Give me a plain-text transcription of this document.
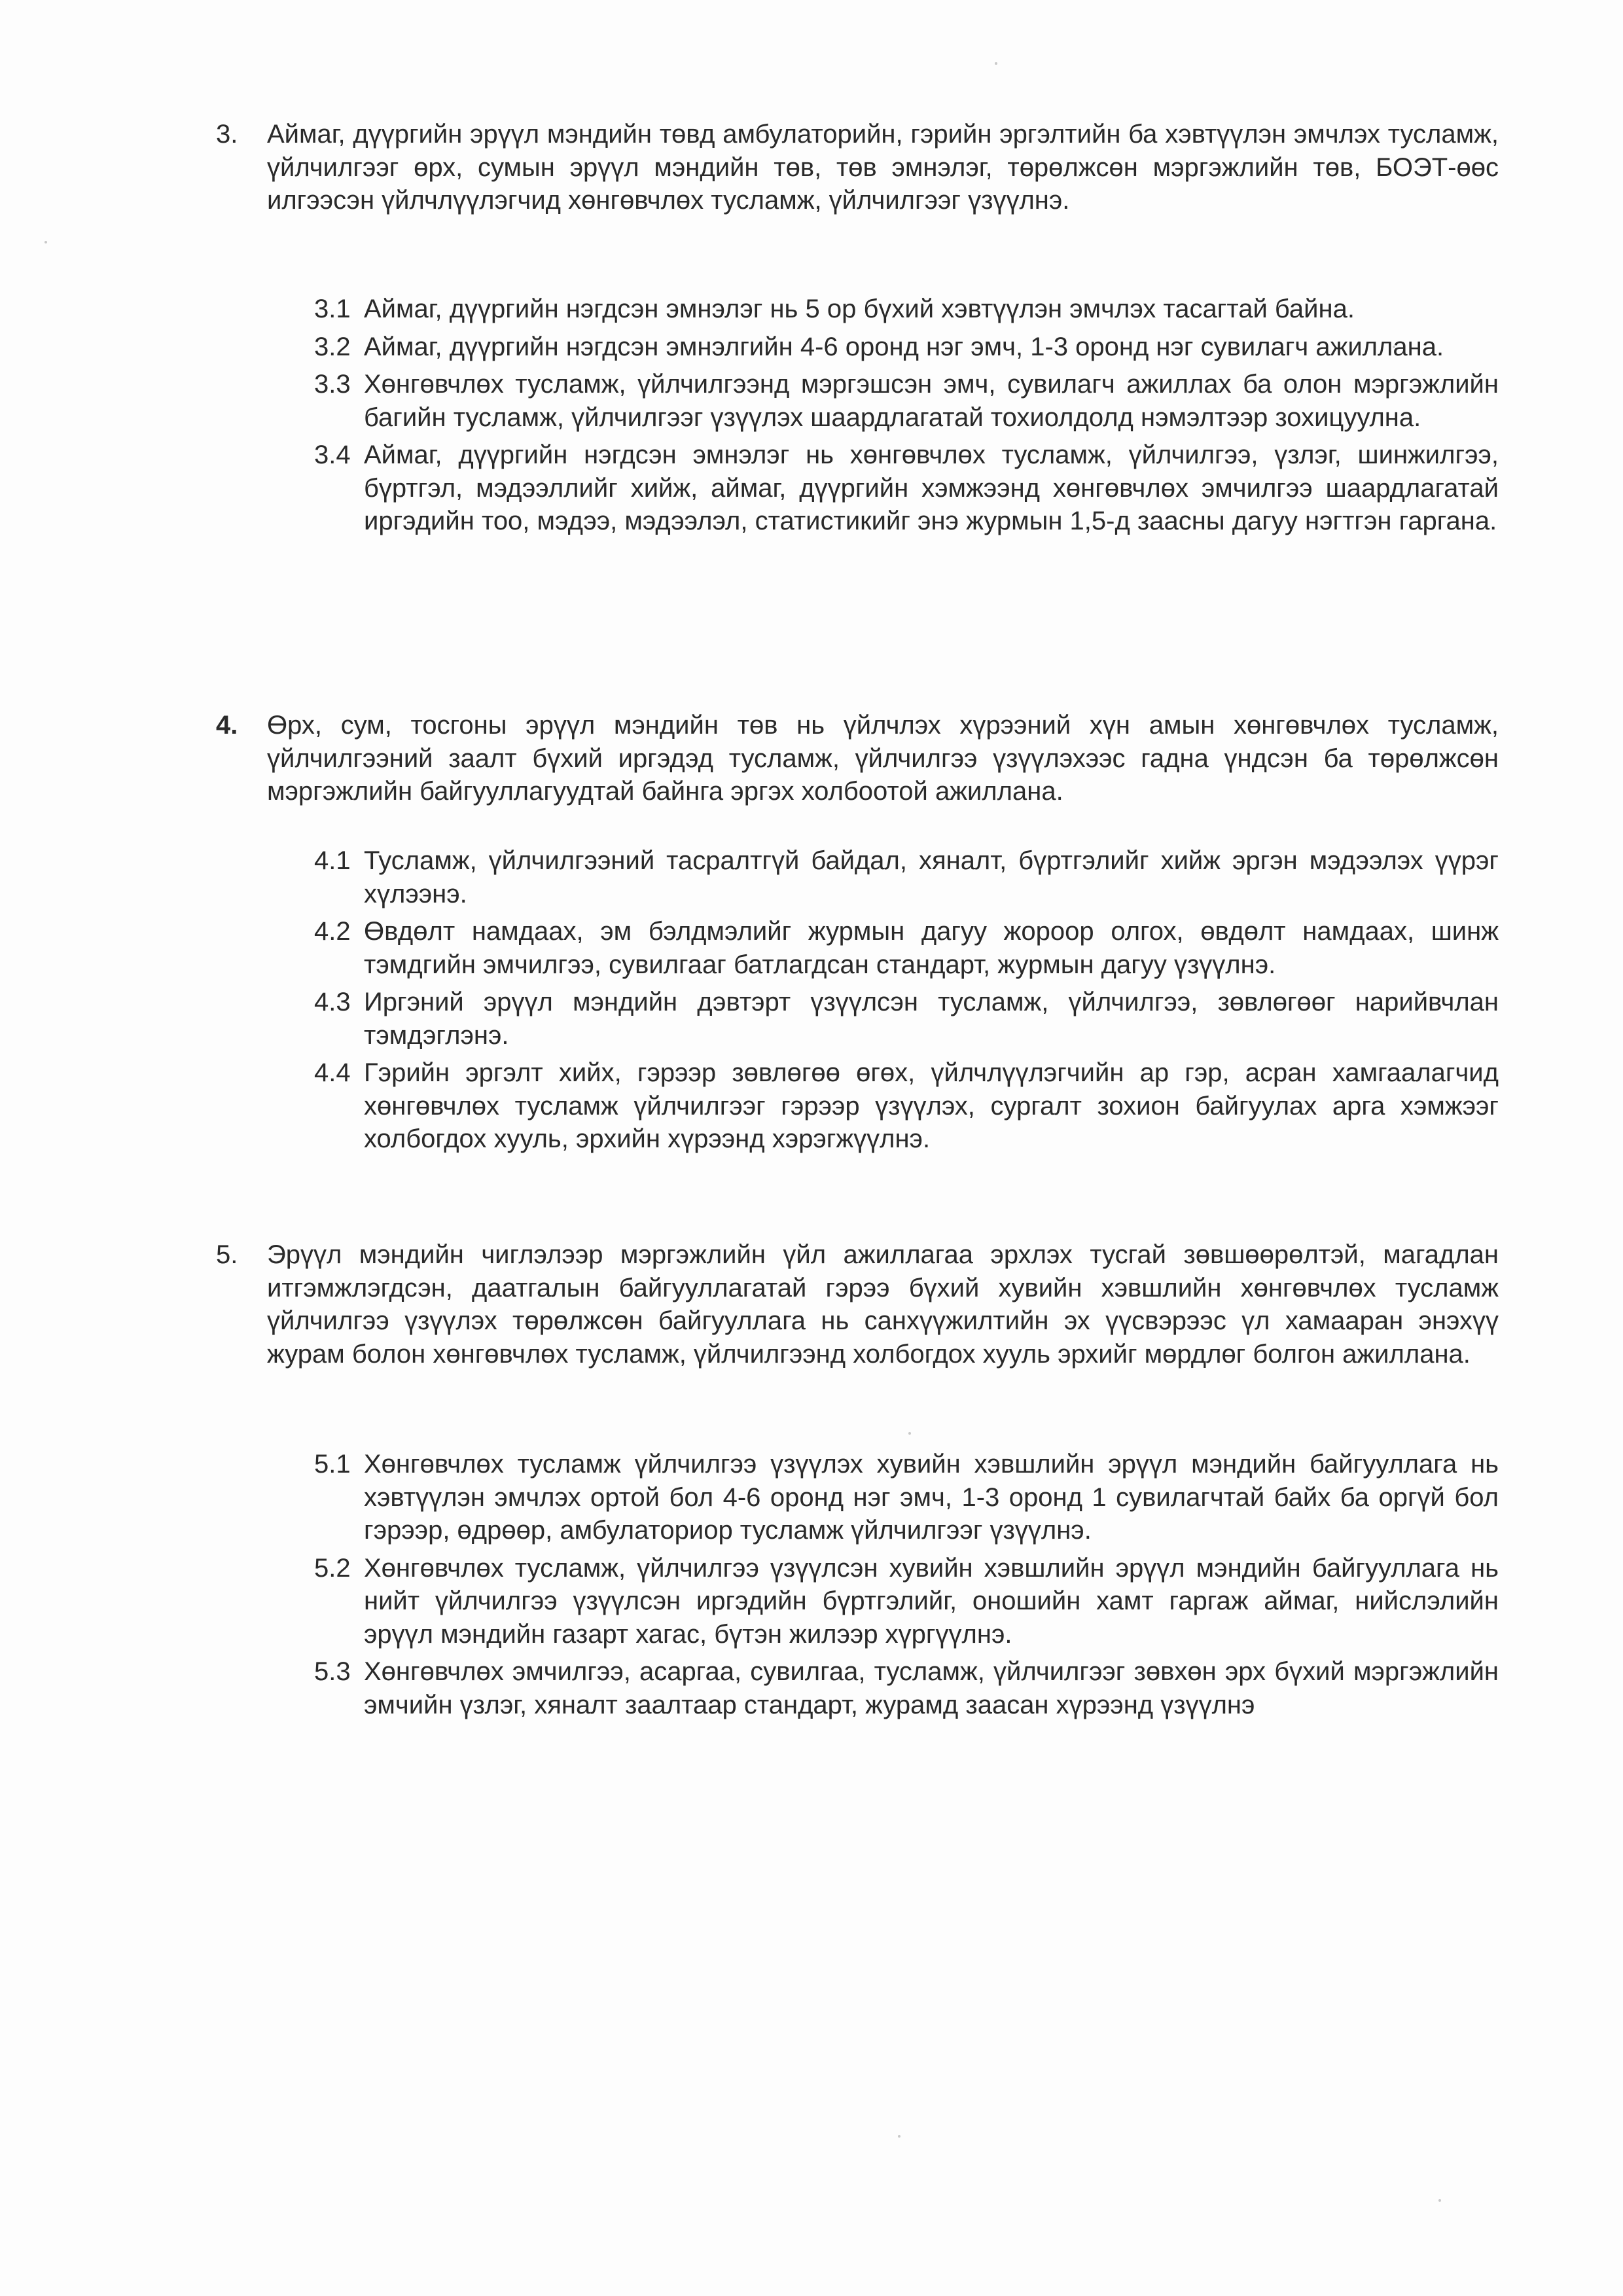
3.	Аймаг, дүүргийн эрүүл мэндийн төвд амбулаторийн, гэрийн эргэлтийн ба хэвтүүлэн эмчлэх тусламж, үйлчилгээг өрх, сумын эрүүл мэндийн төв, төв эмнэлэг, төрөлжсөн мэргэжлийн төв, БОЭТ-өөс илгээсэн үйлчлүүлэгчид хөнгөвчлөх тусламж, үйлчилгээг үзүүлнэ.
3.1 Аймаг, дүүргийн нэгдсэн эмнэлэг нь 5 ор бүхий хэвтүүлэн эмчлэх тасагтай байна.
3.2 Аймаг, дүүргийн нэгдсэн эмнэлгийн 4-6 оронд нэг эмч, 1-3 оронд нэг сувилагч ажиллана.
3.3 Хөнгөвчлөх тусламж, үйлчилгээнд мэргэшсэн эмч, сувилагч ажиллах ба олон мэргэжлийн багийн тусламж, үйлчилгээг үзүүлэх шаардлагатай тохиолдолд нэмэлтээр зохицуулна.
3.4 Аймаг, дүүргийн нэгдсэн эмнэлэг нь хөнгөвчлөх тусламж, үйлчилгээ, үзлэг, шинжилгээ, бүртгэл, мэдээллийг хийж, аймаг, дүүргийн хэмжээнд хөнгөвчлөх эмчилгээ шаардлагатай иргэдийн тоо, мэдээ, мэдээлэл, статистикийг энэ журмын 1,5-д заасны дагуу нэгтгэн гаргана.
4.	Өрх, сум, тосгоны эрүүл мэндийн төв нь үйлчлэх хүрээний хүн амын хөнгөвчлөх тусламж, үйлчилгээний заалт бүхий иргэдэд тусламж, үйлчилгээ үзүүлэхээс гадна үндсэн ба төрөлжсөн мэргэжлийн байгууллагуудтай байнга эргэх холбоотой ажиллана.
4.1 Тусламж, үйлчилгээний тасралтгүй байдал, хяналт, бүртгэлийг хийж эргэн мэдээлэх үүрэг хүлээнэ.
4.2 Өвдөлт намдаах, эм бэлдмэлийг журмын дагуу жороор олгох, өвдөлт намдаах, шинж тэмдгийн эмчилгээ, сувилгааг батлагдсан стандарт, журмын дагуу үзүүлнэ.
4.3 Иргэний эрүүл мэндийн дэвтэрт үзүүлсэн тусламж, үйлчилгээ, зөвлөгөөг нарийвчлан тэмдэглэнэ.
4.4 Гэрийн эргэлт хийх, гэрээр зөвлөгөө өгөх, үйлчлүүлэгчийн ар гэр, асран хамгаалагчид хөнгөвчлөх тусламж үйлчилгээг гэрээр үзүүлэх, сургалт зохион байгуулах арга хэмжээг холбогдох хууль, эрхийн хүрээнд хэрэгжүүлнэ.
5.	Эрүүл мэндийн чиглэлээр мэргэжлийн үйл ажиллагаа эрхлэх тусгай зөвшөөрөлтэй, магадлан итгэмжлэгдсэн, даатгалын байгууллагатай гэрээ бүхий хувийн хэвшлийн хөнгөвчлөх тусламж үйлчилгээ үзүүлэх төрөлжсөн байгууллага нь санхүүжилтийн эх үүсвэрээс үл хамааран энэхүү журам болон хөнгөвчлөх тусламж, үйлчилгээнд холбогдох хууль эрхийг мөрдлөг болгон ажиллана.
5.1 Хөнгөвчлөх тусламж үйлчилгээ үзүүлэх хувийн хэвшлийн эрүүл мэндийн байгууллага нь хэвтүүлэн эмчлэх ортой бол 4-6 оронд нэг эмч, 1-3 оронд 1 сувилагчтай байх ба оргүй бол гэрээр, өдрөөр, амбулаториор тусламж үйлчилгээг үзүүлнэ.
5.2 Хөнгөвчлөх тусламж, үйлчилгээ үзүүлсэн хувийн хэвшлийн эрүүл мэндийн байгууллага нь нийт үйлчилгээ үзүүлсэн иргэдийн бүртгэлийг, оношийн хамт гаргаж аймаг, нийслэлийн эрүүл мэндийн газарт хагас, бүтэн жилээр хүргүүлнэ.
5.3 Хөнгөвчлөх эмчилгээ, асаргаа, сувилгаа, тусламж, үйлчилгээг зөвхөн эрх бүхий мэргэжлийн эмчийн үзлэг, хяналт заалтаар стандарт, журамд заасан хүрээнд үзүүлнэ
